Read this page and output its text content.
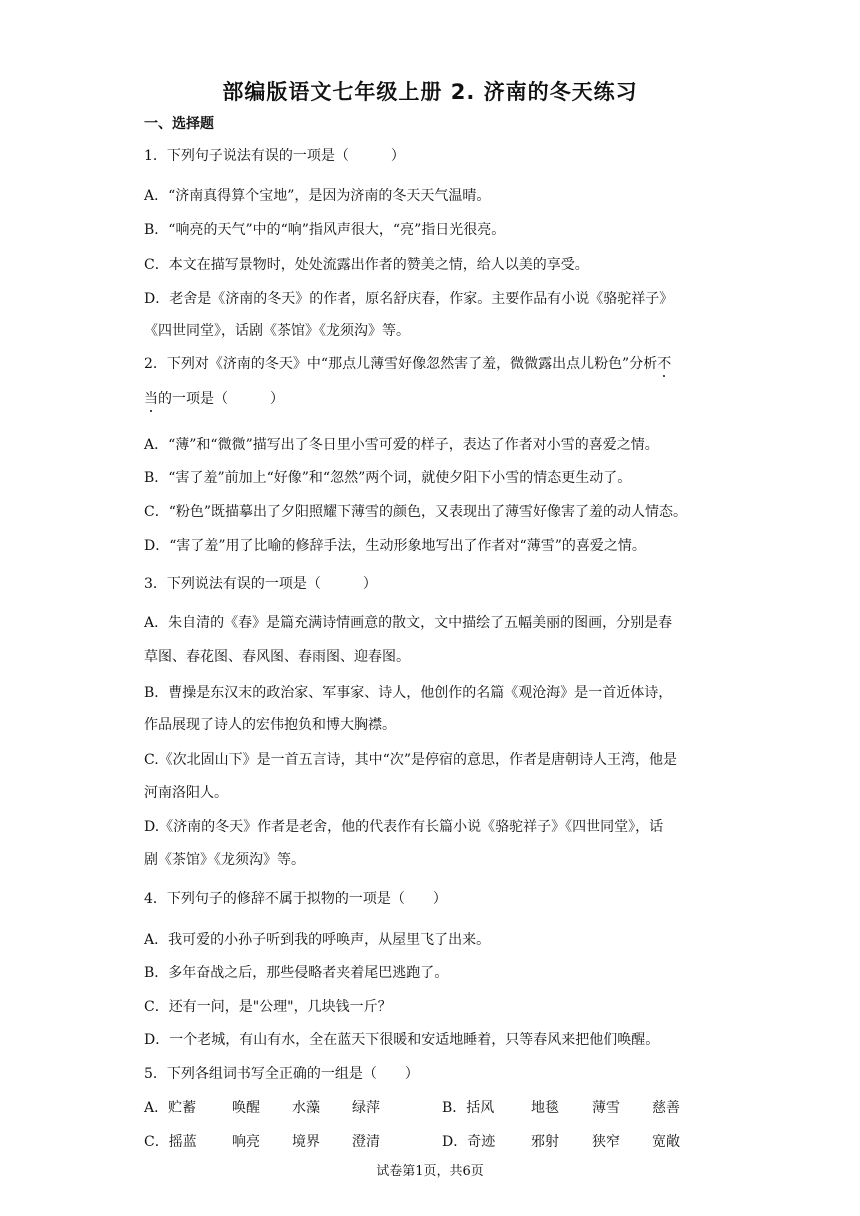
部编版语文七年级上册 2. 济南的冬天练习
一、选择题
1．下列句子说法有误的一项是（　　　）
A．“济南真得算个宝地”，是因为济南的冬天天气温晴。
B．“响亮的天气”中的“响”指风声很大，“亮”指日光很亮。
C．本文在描写景物时，处处流露出作者的赞美之情，给人以美的享受。
D．老舍是《济南的冬天》的作者，原名舒庆春，作家。主要作品有小说《骆驼祥子》
《四世同堂》，话剧《茶馆》《龙须沟》等。
2．下列对《济南的冬天》中“那点儿薄雪好像忽然害了羞，微微露出点儿粉色”分析不
当的一项是（　　　）
A．“薄”和“微微”描写出了冬日里小雪可爱的样子，表达了作者对小雪的喜爱之情。
B．“害了羞”前加上“好像”和“忽然”两个词，就使夕阳下小雪的情态更生动了。
C．“粉色”既描摹出了夕阳照耀下薄雪的颜色，又表现出了薄雪好像害了羞的动人情态。
D．“害了羞”用了比喻的修辞手法，生动形象地写出了作者对“薄雪”的喜爱之情。
3．下列说法有误的一项是（　　　）
A．朱自清的《春》是篇充满诗情画意的散文，文中描绘了五幅美丽的图画，分别是春
草图、春花图、春风图、春雨图、迎春图。
B．曹操是东汉末的政治家、军事家、诗人，他创作的名篇《观沧海》是一首近体诗，
作品展现了诗人的宏伟抱负和博大胸襟。
C.《次北固山下》是一首五言诗，其中“次”是停宿的意思，作者是唐朝诗人王湾，他是
河南洛阳人。
D.《济南的冬天》作者是老舍，他的代表作有长篇小说《骆驼祥子》《四世同堂》，话
剧《茶馆》《龙须沟》等。
4．下列句子的修辞不属于拟物的一项是（　　）
A．我可爱的小孙子听到我的呼唤声，从屋里飞了出来。
B．多年奋战之后，那些侵略者夹着尾巴逃跑了。
C．还有一问，是"公理"，几块钱一斤？
D．一个老城，有山有水，全在蓝天下很暖和安适地睡着，只等春风来把他们唤醒。
5．下列各组词书写全正确的一组是（　　）
A．贮蓄	唤醒 水藻 绿萍	B．括风	地毯 薄雪 慈善
C．摇蓝	响亮 境界 澄清	D．奇迹	邪射 狭窄 宽敞
试卷第1页，共6页
